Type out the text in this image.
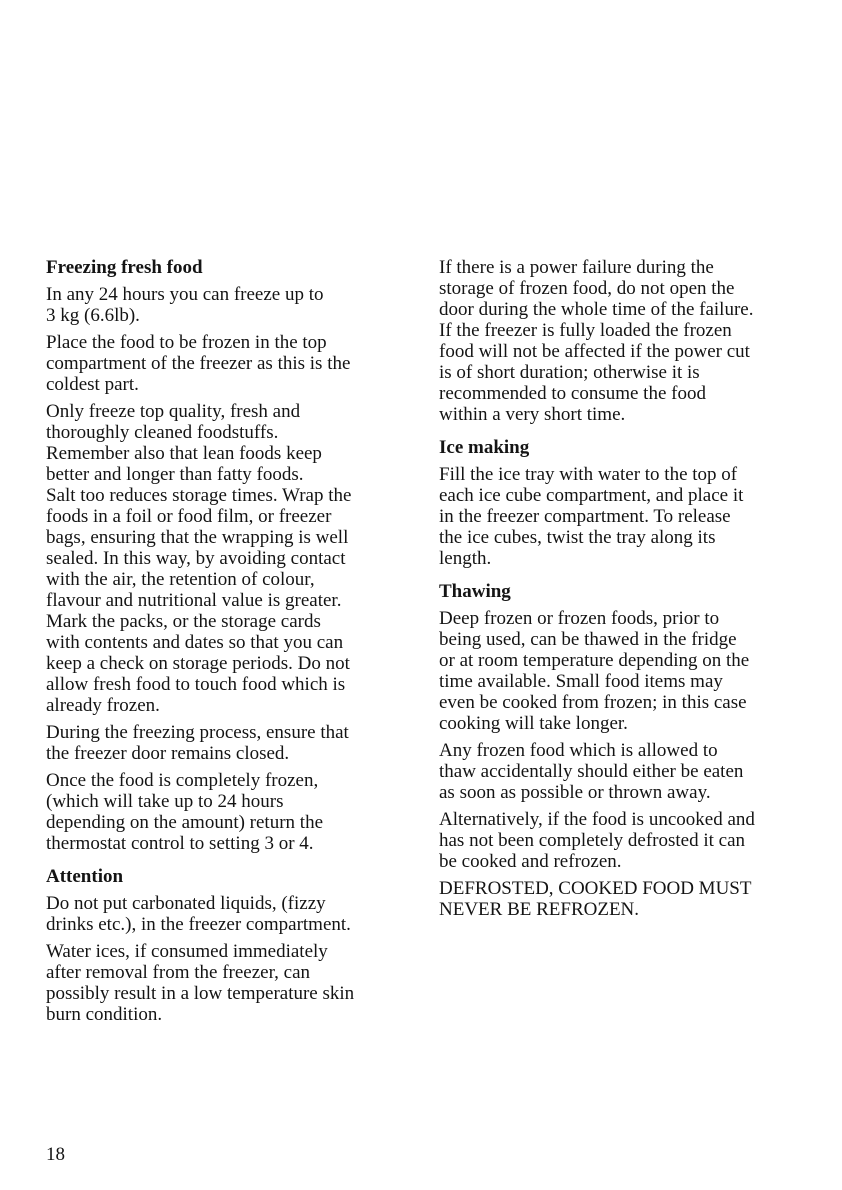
Freezing fresh food
In any 24 hours you can freeze up to
3 kg (6.6lb).
Place the food to be frozen in the top
compartment of the freezer as this is the
coldest part.
Only freeze top quality, fresh and
thoroughly cleaned foodstuffs.
Remember also that lean foods keep
better and longer than fatty foods.
Salt too reduces storage times. Wrap the
foods in a foil or food film, or freezer
bags, ensuring that the wrapping is well
sealed. In this way, by avoiding contact
with the air, the retention of colour,
flavour and nutritional value is greater.
Mark the packs, or the storage cards
with contents and dates so that you can
keep a check on storage periods. Do not
allow fresh food to touch food which is
already frozen.
During the freezing process, ensure that
the freezer door remains closed.
Once the food is completely frozen,
(which will take up to 24 hours
depending on the amount) return the
thermostat control to setting 3 or 4.
Attention
Do not put carbonated liquids, (fizzy
drinks etc.), in the freezer compartment.
Water ices, if consumed immediately
after removal from the freezer, can
possibly result in a low temperature skin
burn condition.
If there is a power failure during the
storage of frozen food, do not open the
door during the whole time of the failure.
If the freezer is fully loaded the frozen
food will not be affected if the power cut
is of short duration; otherwise it is
recommended to consume the food
within a very short time.
Ice making
Fill the ice tray with water to the top of
each ice cube compartment, and place it
in the freezer compartment. To release
the ice cubes, twist the tray along its
length.
Thawing
Deep frozen or frozen foods, prior to
being used, can be thawed in the fridge
or at room temperature depending on the
time available. Small food items may
even be cooked from frozen; in this case
cooking will take longer.
Any frozen food which is allowed to
thaw accidentally should either be eaten
as soon as possible or thrown away.
Alternatively, if the food is uncooked and
has not been completely defrosted it can
be cooked and refrozen.
DEFROSTED, COOKED FOOD MUST
NEVER BE REFROZEN.
18
